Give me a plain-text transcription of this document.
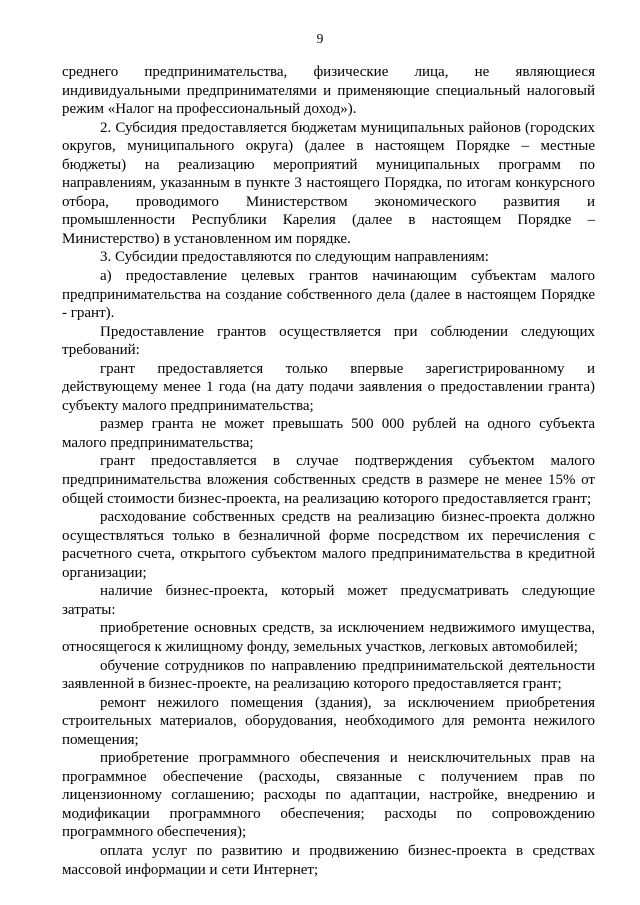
9

среднего предпринимательства, физические лица, не являющиеся индивидуальными предпринимателями и применяющие специальный налоговый режим «Налог на профессиональный доход»).

2. Субсидия предоставляется бюджетам муниципальных районов (городских округов, муниципального округа) (далее в настоящем Порядке – местные бюджеты) на реализацию мероприятий муниципальных программ по направлениям, указанным в пункте 3 настоящего Порядка, по итогам конкурсного отбора, проводимого Министерством экономического развития и промышленности Республики Карелия (далее в настоящем Порядке – Министерство) в установленном им порядке.

3. Субсидии предоставляются по следующим направлениям:

а) предоставление целевых грантов начинающим субъектам малого предпринимательства на создание собственного дела (далее в настоящем Порядке - грант).

Предоставление грантов осуществляется при соблюдении следующих требований:

грант предоставляется только впервые зарегистрированному и действующему менее 1 года (на дату подачи заявления о предоставлении гранта) субъекту малого предпринимательства;

размер гранта не может превышать 500 000 рублей на одного субъекта малого предпринимательства;

грант предоставляется в случае подтверждения субъектом малого предпринимательства вложения собственных средств в размере не менее 15% от общей стоимости бизнес-проекта, на реализацию которого предоставляется грант;

расходование собственных средств на реализацию бизнес-проекта должно осуществляться только в безналичной форме посредством их перечисления с расчетного счета, открытого субъектом малого предпринимательства в кредитной организации;

наличие бизнес-проекта, который может предусматривать следующие затраты:

приобретение основных средств, за исключением недвижимого имущества, относящегося к жилищному фонду, земельных участков, легковых автомобилей;

обучение сотрудников по направлению предпринимательской деятельности заявленной в бизнес-проекте, на реализацию которого предоставляется грант;

ремонт нежилого помещения (здания), за исключением приобретения строительных материалов, оборудования, необходимого для ремонта нежилого помещения;

приобретение программного обеспечения и неисключительных прав на программное обеспечение (расходы, связанные с получением прав по лицензионному соглашению; расходы по адаптации, настройке, внедрению и модификации программного обеспечения; расходы по сопровождению программного обеспечения);

оплата услуг по развитию и продвижению бизнес-проекта в средствах массовой информации и сети Интернет;
